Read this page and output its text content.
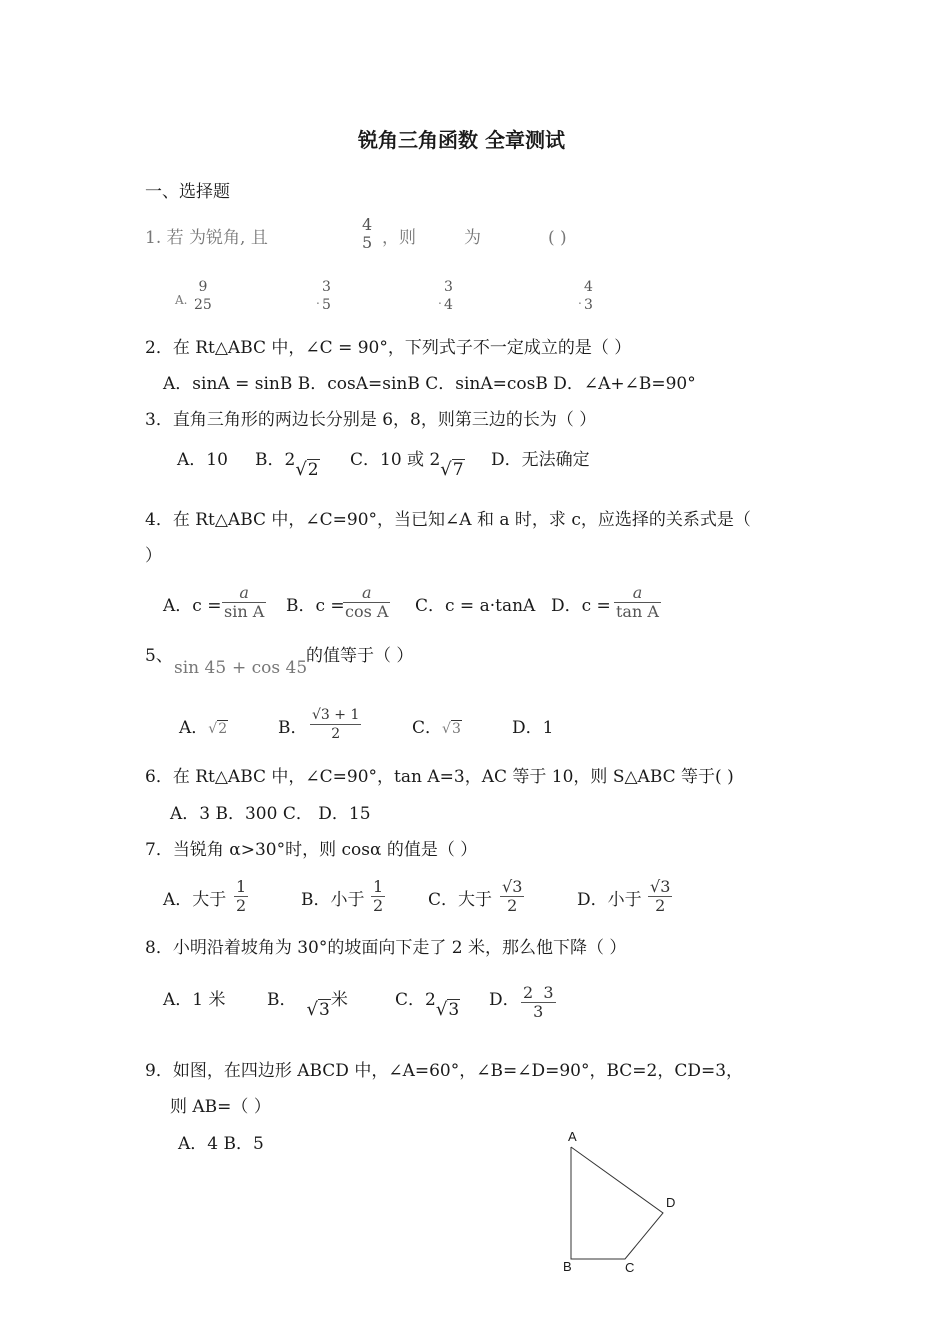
锐角三角函数 全章测试
一、选择题
1. 若 为锐角, 且
4
5 ，则	为	( )
A.
9
25	.
3
5	.
3
4	.
4
3
2．在 Rt△ABC 中，∠C = 90°，下列式子不一定成立的是（ ）
A．sinA = sinB B．cosA=sinB C．sinA=cosB D．∠A+∠B=90°
3．直角三角形的两边长分别是 6，8，则第三边的长为（ ）
A．10 B．2√2 C．10 或 2√7 D．无法确定
4．在 Rt△ABC 中，∠C=90°，当已知∠A 和 a 时，求 c，应选择的关系式是（
）
A．$c = \frac{a}{\text{sin A}}$ B．c =
$\frac{a}{\text{cos A}}$ C．c = a·tanA D．$c = \frac{a}{\text{tan A}}$
5、
sin 45 + cos 45
的值等于（ ）
A．√2	B． $\frac{√3 + 1}{2}$	C．√3	D．1
6．在 Rt△ABC 中，∠C=90°，tan A=3，AC 等于 10，则 S△ABC 等于( )
A．3 B．300 C． D．15
7．当锐角 α>30°时，则 cosα 的值是（ ）
A．大于 $\frac{1}{2}$	B．小于 $\frac{1}{2}$	C．大于 $\frac{√3}{2}$	D．小于 $\frac{√3}{2}$
8．小明沿着坡角为 30°的坡面向下走了 2 米，那么他下降（ ）
A．1 米 B． √3米	C．2√3 D． $\frac{2 3}{3}$
9．如图，在四边形 ABCD 中，∠A=60°，∠B=∠D=90°，BC=2，CD=3，
则 AB=（ ）
A．4 B．5	A
D
B	C
